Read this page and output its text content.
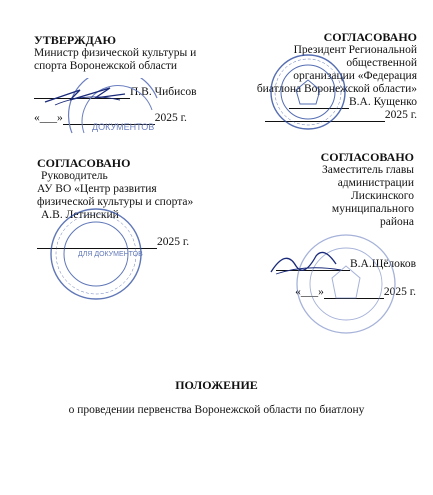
УТВЕРЖДАЮ
Министр физической культуры и
спорта Воронежской области
П.В. Чибисов
«___»	2025 г.
ДОКУМЕНТОВ
СОГЛАСОВАНО
Президент Региональной
общественной
организации «Федерация
биатлона Воронежской области»
В.А. Кущенко
2025 г.
СОГЛАСОВАНО
Руководитель
АУ ВО «Центр развития
физической культуры и спорта»
А.В. Летинский
2025 г.
ДЛЯ ДОКУМЕНТОВ
СОГЛАСОВАНО
Заместитель главы
администрации
Лискинского
муниципального
района
В.А.Щёлоков
«___»	2025 г.
ПОЛОЖЕНИЕ
о проведении первенства Воронежской области по биатлону
